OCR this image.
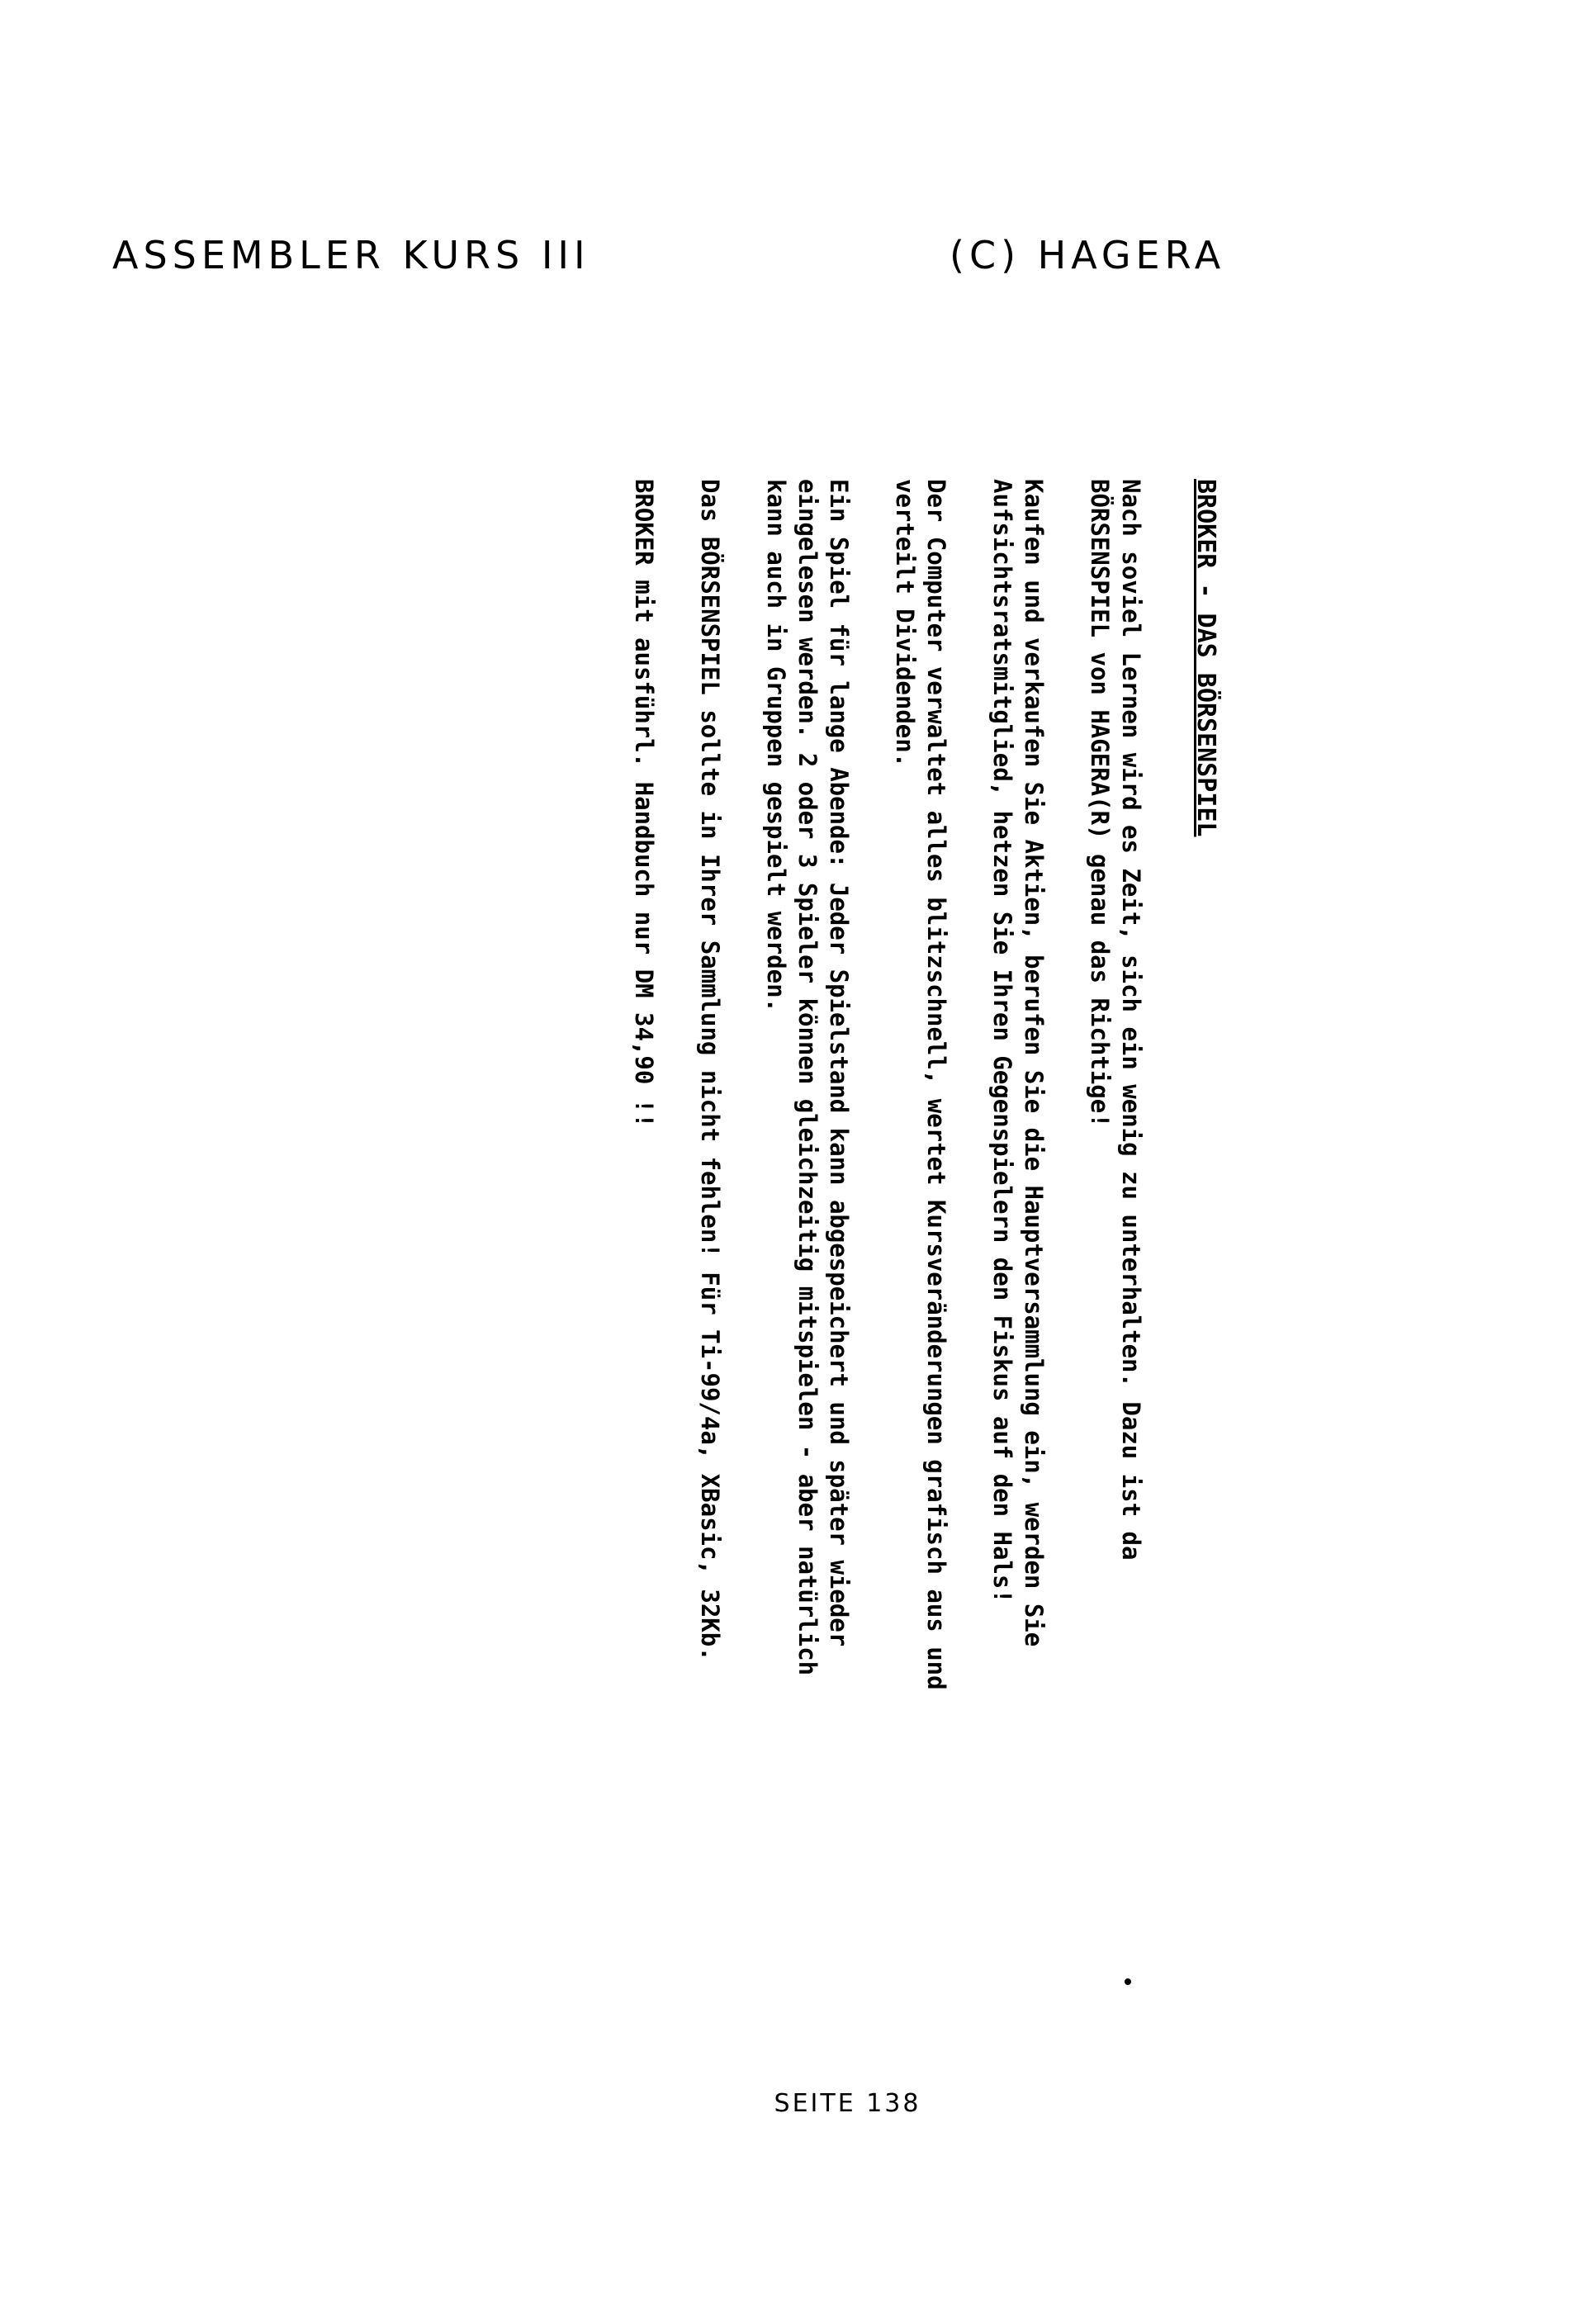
ASSEMBLER KURS III	(C) HAGERA
BROKER - DAS BÖRSENSPIEL

Nach soviel Lernen wird es Zeit, sich ein wenig zu unterhalten. Dazu ist da
BÖRSENSPIEL von HAGERA(R) genau das Richtige!

Kaufen und verkaufen Sie Aktien, berufen Sie die Hauptversammlung ein, werden Sie
Aufsichtsratsmitglied, hetzen Sie Ihren Gegenspielern den Fiskus auf den Hals!

Der Computer verwaltet alles blitzschnell, wertet Kursveränderungen grafisch aus und
verteilt Dividenden.

Ein Spiel für lange Abende: Jeder Spielstand kann abgespeichert und später wieder
eingelesen werden. 2 oder 3 Spieler können gleichzeitig mitspielen - aber natürlich
kann auch in Gruppen gespielt werden.

Das BÖRSENSPIEL sollte in Ihrer Sammlung nicht fehlen! Für Ti-99/4a, XBasic, 32Kb.

BROKER mit ausführl. Handbuch nur DM 34,90 !!

SEITE 138
